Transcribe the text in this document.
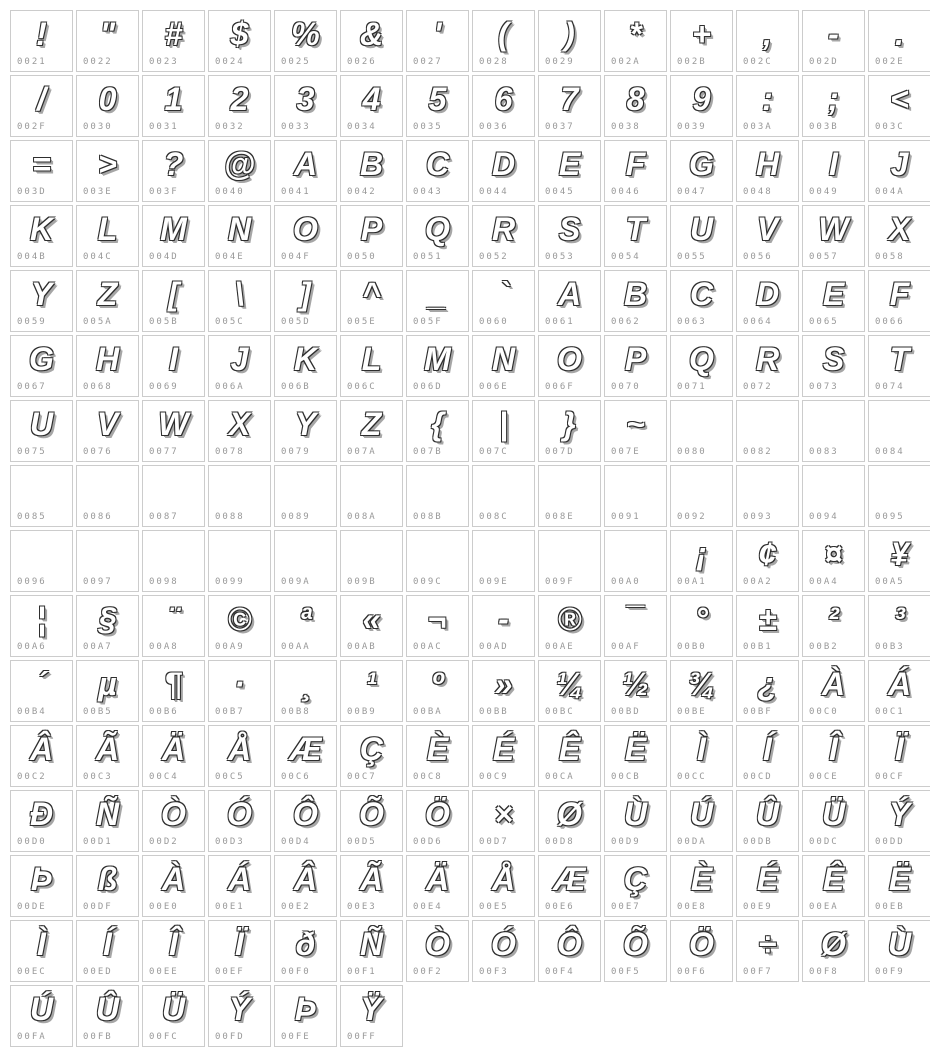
!
0021
"
0022
#
0023
$
0024
%
0025
&
0026
'
0027
(
0028
)
0029
*
002A
+
002B
,
002C
-
002D
.
002E
/
002F
0
0030
1
0031
2
0032
3
0033
4
0034
5
0035
6
0036
7
0037
8
0038
9
0039
:
003A
;
003B
<
003C
=
003D
>
003E
?
003F
@
0040
A
0041
B
0042
C
0043
D
0044
E
0045
F
0046
G
0047
H
0048
I
0049
J
004A
K
004B
L
004C
M
004D
N
004E
O
004F
P
0050
Q
0051
R
0052
S
0053
T
0054
U
0055
V
0056
W
0057
X
0058
Y
0059
Z
005A
[
005B
\
005C
]
005D
^
005E
_
005F
`
0060
A
0061
B
0062
C
0063
D
0064
E
0065
F
0066
G
0067
H
0068
I
0069
J
006A
K
006B
L
006C
M
006D
N
006E
O
006F
P
0070
Q
0071
R
0072
S
0073
T
0074
U
0075
V
0076
W
0077
X
0078
Y
0079
Z
007A
{
007B
|
007C
}
007D
~
007E	0080	0082	0083	0084
0085	0086	0087	0088	0089	008A	008B	008C	008E	0091	0092	0093	0094	0095
0096	0097	0098	0099	009A	009B	009C	009E	009F	00A0
¡
00A1
¢
00A2
¤
00A4
¥
00A5
¦
00A6
§
00A7
¨
00A8
©
00A9
ª
00AA
«
00AB
¬
00AC
-
00AD
®
00AE
¯
00AF
°
00B0
±
00B1
²
00B2
³
00B3
´
00B4
µ
00B5
¶
00B6
·
00B7
¸
00B8
¹
00B9
º
00BA
»
00BB
¼
00BC
½
00BD
¾
00BE
¿
00BF
À
00C0
Á
00C1
Â
00C2
Ã
00C3
Ä
00C4
Å
00C5
Æ
00C6
Ç
00C7
È
00C8
É
00C9
Ê
00CA
Ë
00CB
Ì
00CC
Í
00CD
Î
00CE
Ï
00CF
Ð
00D0
Ñ
00D1
Ò
00D2
Ó
00D3
Ô
00D4
Õ
00D5
Ö
00D6
×
00D7
Ø
00D8
Ù
00D9
Ú
00DA
Û
00DB
Ü
00DC
Ý
00DD
Þ
00DE
ß
00DF
À
00E0
Á
00E1
Â
00E2
Ã
00E3
Ä
00E4
Å
00E5
Æ
00E6
Ç
00E7
È
00E8
É
00E9
Ê
00EA
Ë
00EB
Ì
00EC
Í
00ED
Î
00EE
Ï
00EF
ð
00F0
Ñ
00F1
Ò
00F2
Ó
00F3
Ô
00F4
Õ
00F5
Ö
00F6
÷
00F7
Ø
00F8
Ù
00F9
Ú
00FA
Û
00FB
Ü
00FC
Ý
00FD
Þ
00FE
Ÿ
00FF
